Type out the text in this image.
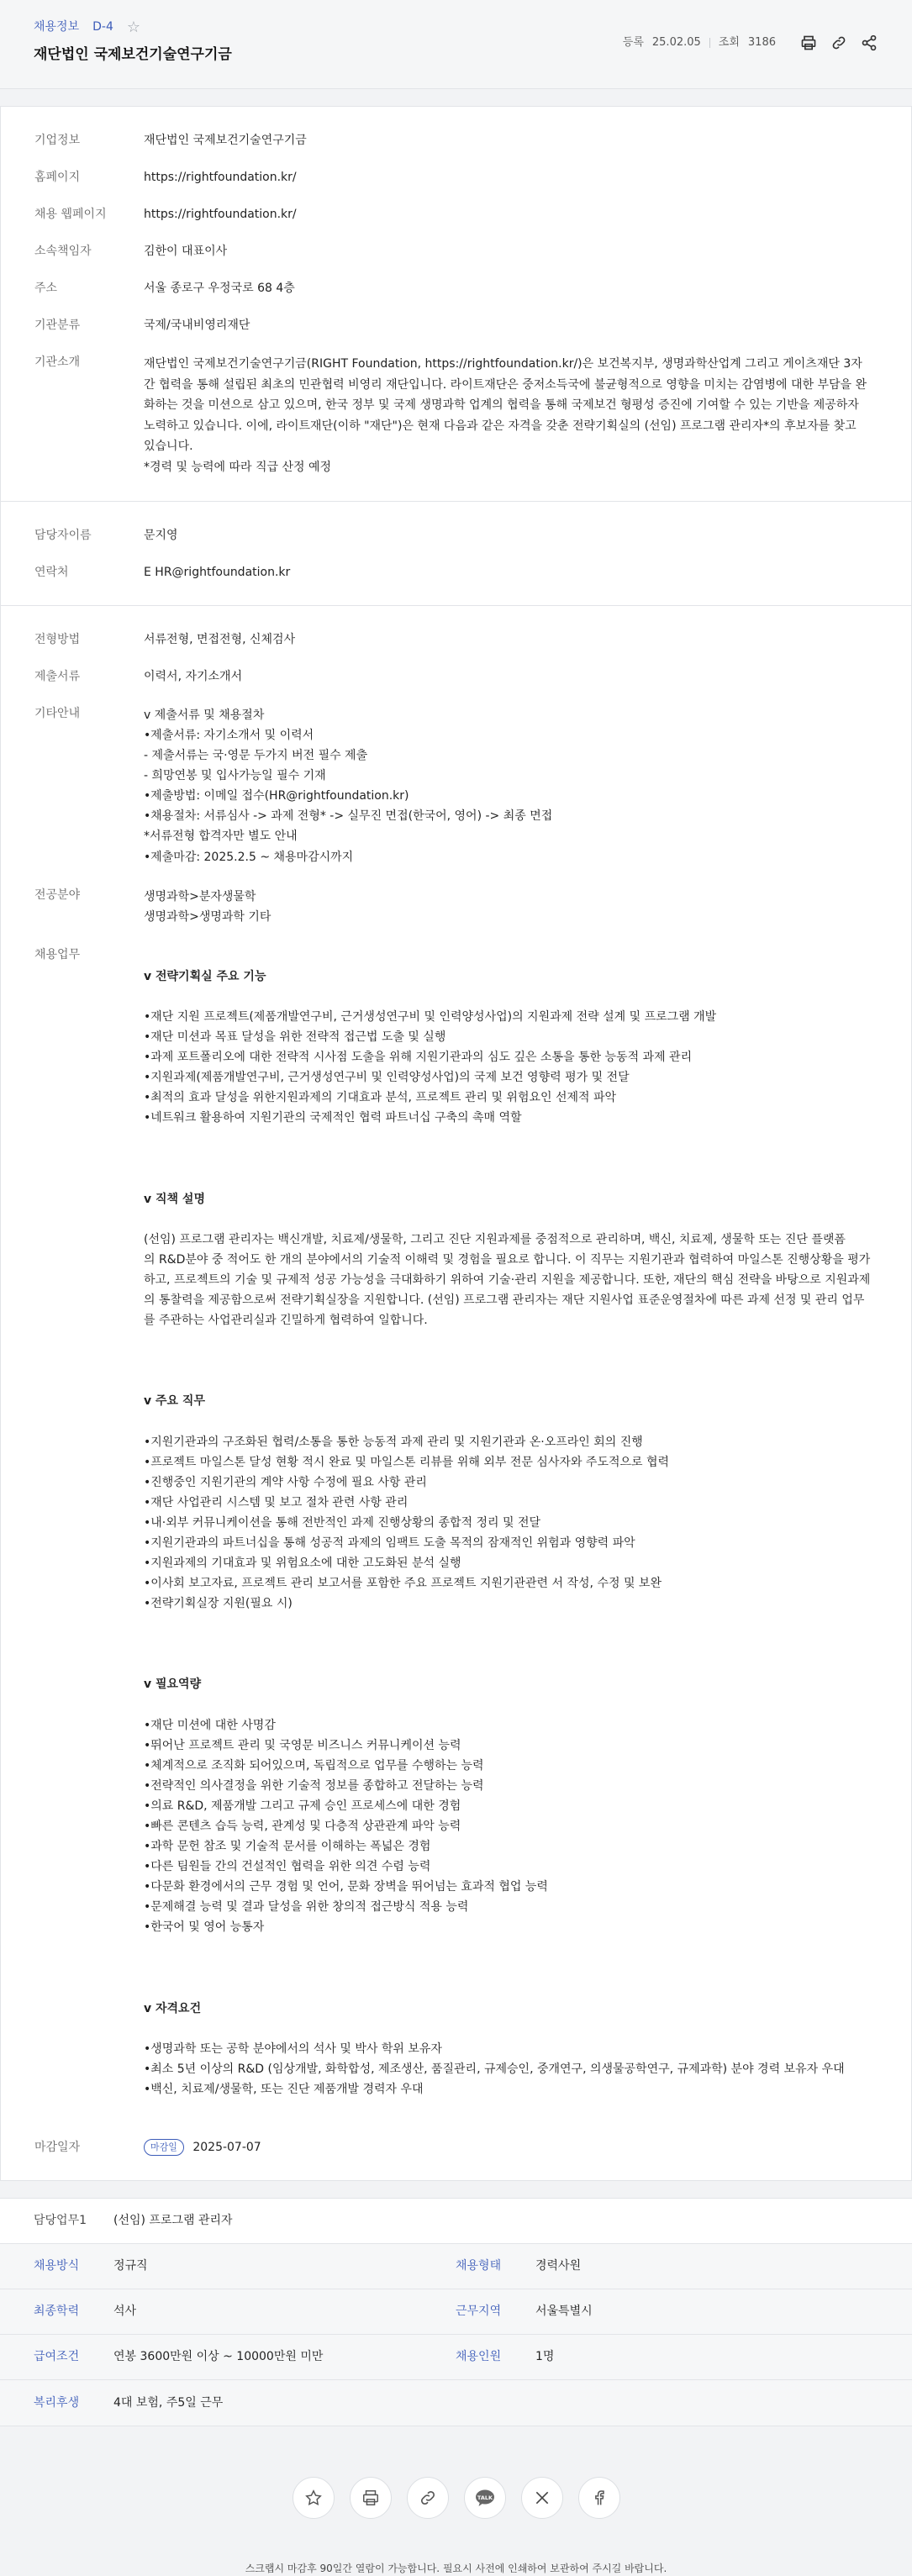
채용정보 D-4 ☆
재단법인 국제보건기술연구기금
등록 25.02.05 조회 3186
기업정보	재단법인 국제보건기술연구기금
홈페이지	https://rightfoundation.kr/
채용 웹페이지	https://rightfoundation.kr/
소속책임자	김한이 대표이사
주소	서울 종로구 우정국로 68 4층
기관분류	국제/국내비영리재단
기관소개	재단법인 국제보건기술연구기금(RIGHT Foundation, https://rightfoundation.kr/)은 보건복지부, 생명과학산업계 그리고 게이츠재단 3자
간 협력을 통해 설립된 최초의 민관협력 비영리 재단입니다. 라이트재단은 중저소득국에 불균형적으로 영향을 미치는 감염병에 대한 부담을 완
화하는 것을 미션으로 삼고 있으며, 한국 정부 및 국제 생명과학 업계의 협력을 통해 국제보건 형평성 증진에 기여할 수 있는 기반을 제공하자
노력하고 있습니다. 이에, 라이트재단(이하 "재단")은 현재 다음과 같은 자격을 갖춘 전략기획실의 (선임) 프로그램 관리자*의 후보자를 찾고
있습니다.
*경력 및 능력에 따라 직급 산정 예정
담당자이름	문지영
연락처	E HR@rightfoundation.kr
전형방법	서류전형, 면접전형, 신체검사
제출서류	이력서, 자기소개서
기타안내	v 제출서류 및 채용절차
•제출서류: 자기소개서 및 이력서
- 제출서류는 국·영문 두가지 버전 필수 제출
- 희망연봉 및 입사가능일 필수 기재
•제출방법: 이메일 접수(HR@rightfoundation.kr)
•채용절차: 서류심사 -> 과제 전형* -> 실무진 면접(한국어, 영어) -> 최종 면접
*서류전형 합격자만 별도 안내
•제출마감: 2025.2.5 ~ 채용마감시까지
전공분야	생명과학>분자생물학
생명과학>생명과학 기타
채용업무

v 전략기획실 주요 기능

•재단 지원 프로젝트(제품개발연구비, 근거생성연구비 및 인력양성사업)의 지원과제 전략 설계 및 프로그램 개발
•재단 미션과 목표 달성을 위한 전략적 접근법 도출 및 실행
•과제 포트폴리오에 대한 전략적 시사점 도출을 위해 지원기관과의 심도 깊은 소통을 통한 능동적 과제 관리
•지원과제(제품개발연구비, 근거생성연구비 및 인력양성사업)의 국제 보건 영향력 평가 및 전달
•최적의 효과 달성을 위한지원과제의 기대효과 분석, 프로젝트 관리 및 위험요인 선제적 파악
•네트워크 활용하여 지원기관의 국제적인 협력 파트너십 구축의 촉매 역할

v 직책 설명

(선임) 프로그램 관리자는 백신개발, 치료제/생물학, 그리고 진단 지원과제를 중점적으로 관리하며, 백신, 치료제, 생물학 또는 진단 플랫폼
의 R&D분야 중 적어도 한 개의 분야에서의 기술적 이해력 및 경험을 필요로 합니다. 이 직무는 지원기관과 협력하여 마일스톤 진행상황을 평가
하고, 프로젝트의 기술 및 규제적 성공 가능성을 극대화하기 위하여 기술·관리 지원을 제공합니다. 또한, 재단의 핵심 전략을 바탕으로 지원과제
의 통찰력을 제공함으로써 전략기획실장을 지원합니다. (선임) 프로그램 관리자는 재단 지원사업 표준운영절차에 따른 과제 선정 및 관리 업무
를 주관하는 사업관리실과 긴밀하게 협력하여 일합니다.

v 주요 직무

•지원기관과의 구조화된 협력/소통을 통한 능동적 과제 관리 및 지원기관과 온·오프라인 회의 진행
•프로젝트 마일스톤 달성 현황 적시 완료 및 마일스톤 리뷰를 위해 외부 전문 심사자와 주도적으로 협력
•진행중인 지원기관의 계약 사항 수정에 필요 사항 관리
•재단 사업관리 시스템 및 보고 절차 관련 사항 관리
•내·외부 커뮤니케이션을 통해 전반적인 과제 진행상황의 종합적 정리 및 전달
•지원기관과의 파트너십을 통해 성공적 과제의 임팩트 도출 목적의 잠재적인 위험과 영향력 파악
•지원과제의 기대효과 및 위험요소에 대한 고도화된 분석 실행
•이사회 보고자료, 프로젝트 관리 보고서를 포함한 주요 프로젝트 지원기관관련 서 작성, 수정 및 보완
•전략기획실장 지원(필요 시)

v 필요역량

•재단 미션에 대한 사명감
•뛰어난 프로젝트 관리 및 국영문 비즈니스 커뮤니케이션 능력
•체계적으로 조직화 되어있으며, 독립적으로 업무를 수행하는 능력
•전략적인 의사결정을 위한 기술적 정보를 종합하고 전달하는 능력
•의료 R&D, 제품개발 그리고 규제 승인 프로세스에 대한 경험
•빠른 콘텐츠 습득 능력, 관계성 및 다층적 상관관계 파악 능력
•과학 문헌 참조 및 기술적 문서를 이해하는 폭넓은 경험
•다른 팀원들 간의 건설적인 협력을 위한 의견 수렴 능력
•다문화 환경에서의 근무 경험 및 언어, 문화 장벽을 뛰어넘는 효과적 협업 능력
•문제해결 능력 및 결과 달성을 위한 창의적 접근방식 적용 능력
•한국어 및 영어 능통자

v 자격요건

•생명과학 또는 공학 분야에서의 석사 및 박사 학위 보유자
•최소 5년 이상의 R&D (임상개발, 화학합성, 제조생산, 품질관리, 규제승인, 중개연구, 의생물공학연구, 규제과학) 분야 경력 보유자 우대
•백신, 치료제/생물학, 또는 진단 제품개발 경력자 우대

마감일자	마감일 2025-07-07
담당업무1	(선임) 프로그램 관리자
채용방식	정규직	채용형태	경력사원
최종학력	석사	근무지역	서울특별시
급여조건	연봉 3600만원 이상 ~ 10000만원 미만	채용인원	1명
복리후생	4대 보험, 주5일 근무
TALK
스크랩시 마감후 90일간 열람이 가능합니다. 필요시 사전에 인쇄하여 보관하여 주시길 바랍니다.
